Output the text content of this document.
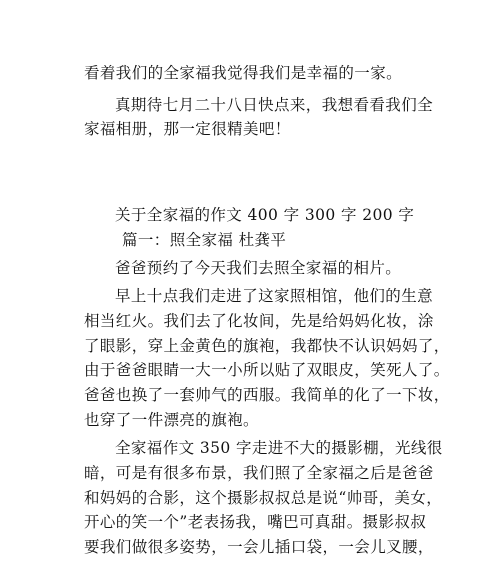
看着我们的全家福我觉得我们是幸福的一家。
真期待七月二十八日快点来，我想看看我们全
家福相册，那一定很精美吧！
关于全家福的作文 400 字 300 字 200 字
篇一：照全家福 杜龚平
爸爸预约了今天我们去照全家福的相片。
早上十点我们走进了这家照相馆，他们的生意
相当红火。我们去了化妆间，先是给妈妈化妆，涂
了眼影，穿上金黄色的旗袍，我都快不认识妈妈了，
由于爸爸眼睛一大一小所以贴了双眼皮，笑死人了。
爸爸也换了一套帅气的西服。我简单的化了一下妆，
也穿了一件漂亮的旗袍。
全家福作文 350 字走进不大的摄影棚，光线很
暗，可是有很多布景，我们照了全家福之后是爸爸
和妈妈的合影，这个摄影叔叔总是说“帅哥，美女，
开心的笑一个”老表扬我，嘴巴可真甜。摄影叔叔
要我们做很多姿势，一会儿插口袋，一会儿叉腰，
